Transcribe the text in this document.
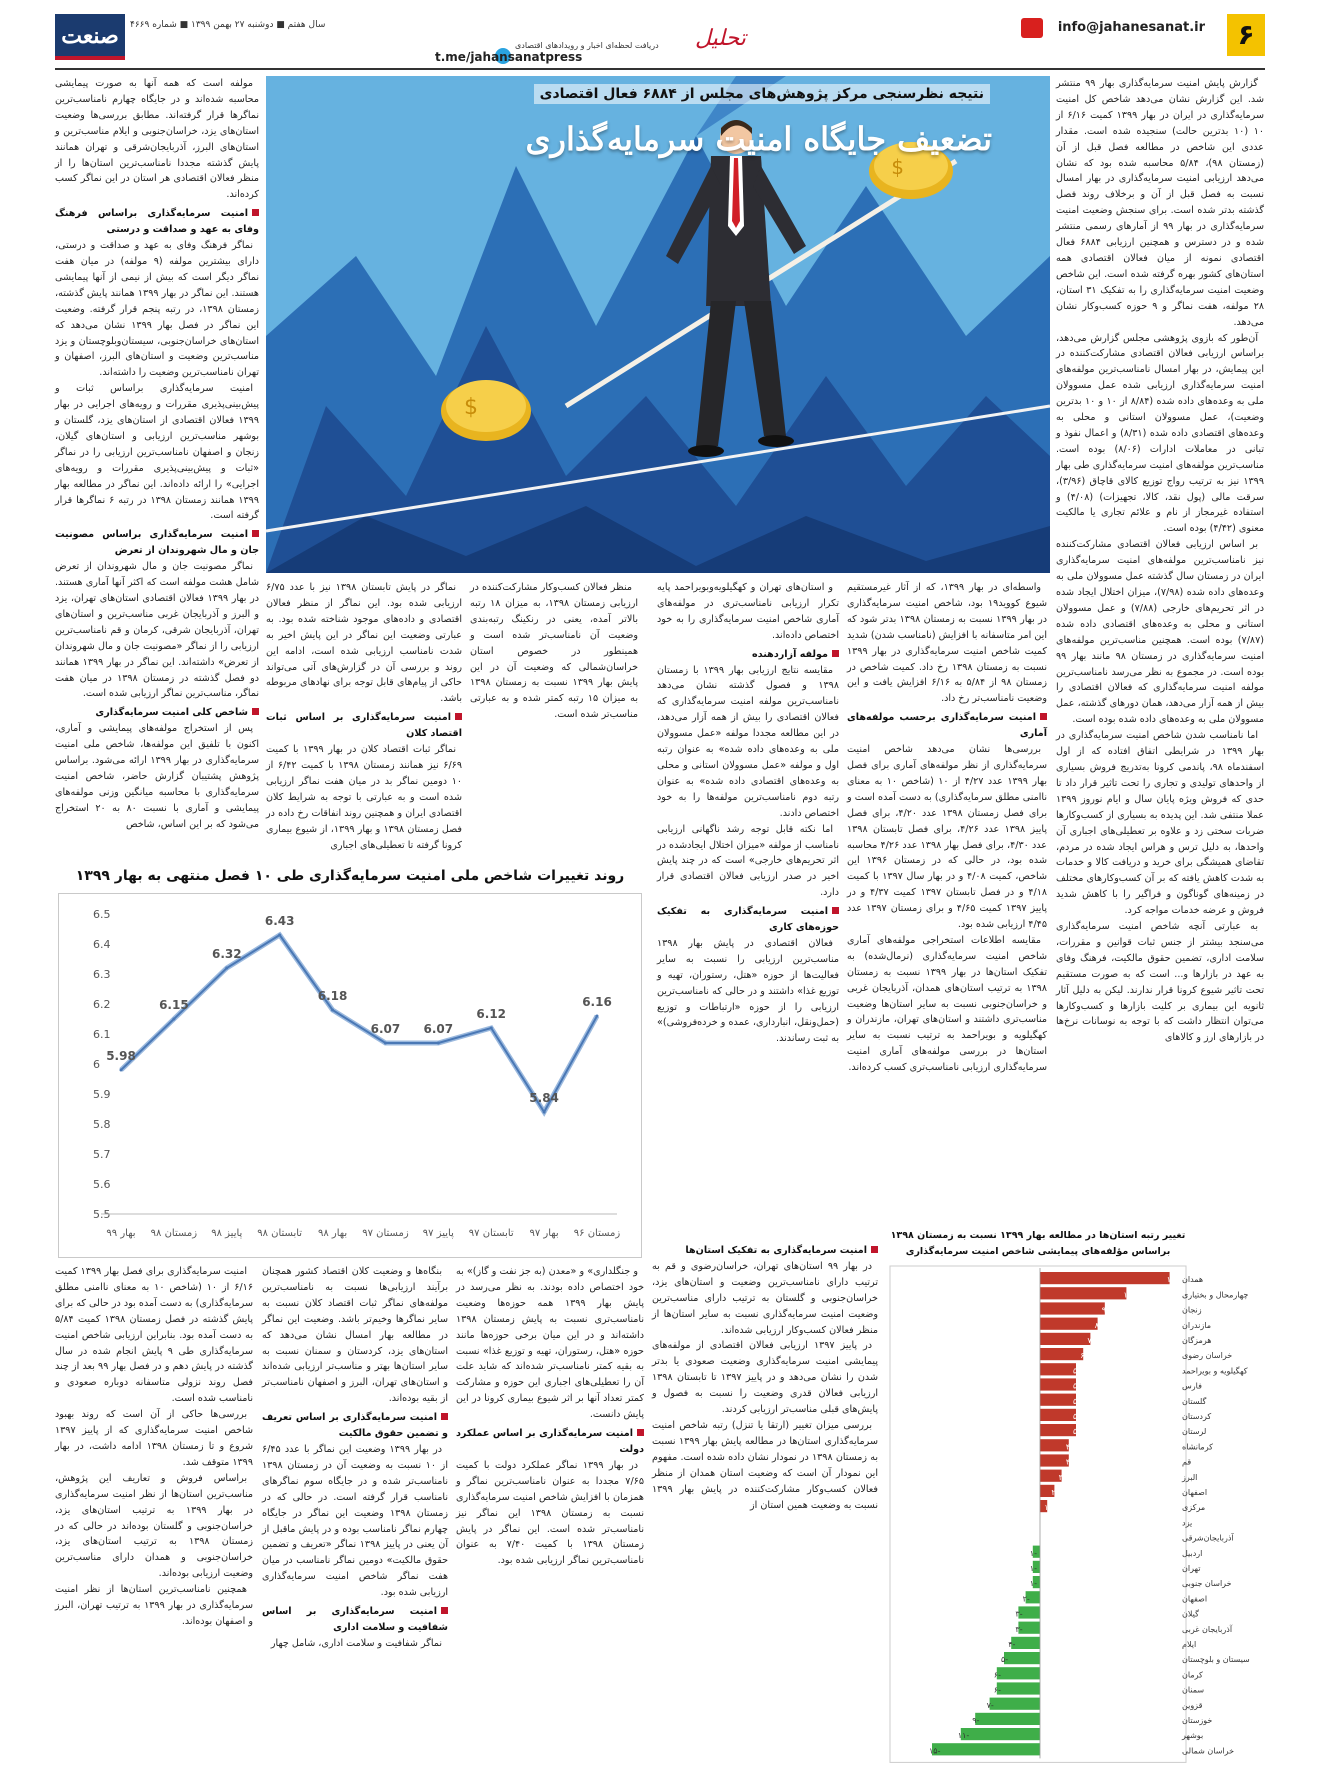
۶
info@jahanesanat.ir
تحلیل
دریافت لحظه‌ای اخبار و رویدادهای اقتصادی
t.me/jahansanatpress
سال هفتم ■ دوشنبه ۲۷ بهمن ۱۳۹۹ ■ شماره ۴۶۶۹
صنعت
$
$
نتیجه نظرسنجی مرکز پژوهش‌های مجلس از ۶۸۸۴ فعال اقتصادی
تضعیف جایگاه امنیت سرمایه‌گذاری

گزارش پایش امنیت سرمایه‌گذاری بهار ۹۹ منتشر شد. این گزارش نشان می‌دهد شاخص کل امنیت سرمایه‌گذاری در ایران در بهار ۱۳۹۹ کمیت ۶/۱۶ از ۱۰ (۱۰ بدترین حالت) سنجیده شده است. مقدار عددی این شاخص در مطالعه فصل قبل از آن (زمستان ۹۸)، ۵/۸۴ محاسبه شده بود که نشان می‌دهد ارزیابی امنیت سرمایه‌گذاری در بهار امسال نسبت به فصل قبل از آن و برخلاف روند فصل گذشته بدتر شده است. برای سنجش وضعیت امنیت سرمایه‌گذاری در بهار ۹۹ از آمارهای رسمی منتشر شده و در دسترس و همچنین ارزیابی ۶۸۸۴ فعال اقتصادی نمونه از میان فعالان اقتصادی همه استان‌های کشور بهره گرفته شده است. این شاخص وضعیت امنیت سرمایه‌گذاری را به تفکیک ۳۱ استان، ۲۸ مولفه، هفت نماگر و ۹ حوزه کسب‌وکار نشان می‌دهد.

آن‌طور که بازوی پژوهشی مجلس گزارش می‌دهد، براساس ارزیابی فعالان اقتصادی مشارکت‌کننده در این پیمایش، در بهار امسال نامناسب‌ترین مولفه‌های امنیت سرمایه‌گذاری ارزیابی شده عمل مسوولان ملی به وعده‌های داده شده (۸/۸۴ از ۱۰ و ۱۰ بدترین وضعیت)، عمل مسوولان استانی و محلی به وعده‌های اقتصادی داده شده (۸/۳۱) و اعمال نفوذ و تبانی در معاملات ادارات (۸/۰۶) بوده است. مناسب‌ترین مولفه‌های امنیت سرمایه‌گذاری طی بهار ۱۳۹۹ نیز به ترتیب رواج توزیع کالای قاچاق (۳/۹۶)، سرقت مالی (پول نقد، کالا، تجهیزات) (۴/۰۸) و استفاده غیرمجاز از نام و علائم تجاری یا مالکیت معنوی (۴/۴۲) بوده است.

بر اساس ارزیابی فعالان اقتصادی مشارکت‌کننده نیز نامناسب‌ترین مولفه‌های امنیت سرمایه‌گذاری ایران در زمستان سال گذشته عمل مسوولان ملی به وعده‌های داده شده (۷/۹۸)، میزان اختلال ایجاد شده در اثر تحریم‌های خارجی (۷/۸۸) و عمل مسوولان استانی و محلی به وعده‌های اقتصادی داده شده (۷/۸۷) بوده است. همچنین مناسب‌ترین مولفه‌های امنیت سرمایه‌گذاری در زمستان ۹۸ مانند بهار ۹۹ بوده است. در مجموع به نظر می‌رسد نامناسب‌ترین مولفه امنیت سرمایه‌گذاری که فعالان اقتصادی را بیش از همه آزار می‌دهد، همان دورهای گذشته، عمل مسوولان ملی به وعده‌های داده شده بوده است.

اما نامناسب شدن شاخص امنیت سرمایه‌گذاری در بهار ۱۳۹۹ در شرایطی اتفاق افتاده که از اول اسفندماه ۹۸، پاندمی کرونا به‌تدریج فروش بسیاری از واحدهای تولیدی و تجاری را تحت تاثیر قرار داد تا حدی که فروش ویژه پایان سال و ایام نوروز ۱۳۹۹ عملا منتفی شد. این پدیده به بسیاری از کسب‌وکارها ضربات سختی زد و علاوه بر تعطیلی‌های اجباری آن واحدها، به دلیل ترس و هراس ایجاد شده در مردم، تقاضای همیشگی برای خرید و دریافت کالا و خدمات به شدت کاهش یافته که بر آن کسب‌وکارهای مختلف در زمینه‌های گوناگون و فراگیر را با کاهش شدید فروش و عرضه خدمات مواجه کرد.

به عبارتی آنچه شاخص امنیت سرمایه‌گذاری می‌سنجد بیشتر از جنس ثبات قوانین و مقررات، سلامت اداری، تضمین حقوق مالکیت، فرهنگ وفای به عهد در بازارها و... است که به صورت مستقیم تحت تاثیر شیوع کرونا قرار ندارند. لیکن به دلیل آثار ثانویه این بیماری بر کلیت بازارها و کسب‌وکارها می‌توان انتظار داشت که با توجه به نوسانات نرخ‌ها در بازارهای ارز و کالاهای

واسطه‌ای در بهار ۱۳۹۹، که از آثار غیرمستقیم شیوع کووید۱۹ بود، شاخص امنیت سرمایه‌گذاری در بهار ۱۳۹۹ نسبت به زمستان ۱۳۹۸ بدتر شود که این امر متاسفانه با افزایش (نامناسب شدن) شدید کمیت شاخص امنیت سرمایه‌گذاری در بهار ۱۳۹۹ نسبت به زمستان ۱۳۹۸ رخ داد. کمیت شاخص در زمستان ۹۸ از ۵/۸۴ به ۶/۱۶ افزایش یافت و این وضعیت نامناسب‌تر رخ داد.

امنیت سرمایه‌گذاری برحسب مولفه‌های آماری

بررسی‌ها نشان می‌دهد شاخص امنیت سرمایه‌گذاری از نظر مولفه‌های آماری برای فصل بهار ۱۳۹۹ عدد ۴/۲۷ از ۱۰ (شاخص ۱۰ به معنای ناامنی مطلق سرمایه‌گذاری) به دست آمده است و برای فصل زمستان ۱۳۹۸ عدد ۴/۲۰، برای فصل پاییز ۱۳۹۸ عدد ۴/۲۶، برای فصل تابستان ۱۳۹۸ عدد ۴/۳۰، برای فصل بهار ۱۳۹۸ عدد ۴/۲۶ محاسبه شده بود، در حالی که در زمستان ۱۳۹۶ این شاخص، کمیت ۴/۰۸ و در بهار سال ۱۳۹۷ با کمیت ۴/۱۸ و در فصل تابستان ۱۳۹۷ کمیت ۴/۳۷ و در پاییز ۱۳۹۷ کمیت ۴/۶۵ و برای زمستان ۱۳۹۷ عدد ۴/۴۵ ارزیابی شده بود.

مقایسه اطلاعات استخراجی مولفه‌های آماری شاخص امنیت سرمایه‌گذاری (نرمال‌شده) به تفکیک استان‌ها در بهار ۱۳۹۹ نسبت به زمستان ۱۳۹۸ به ترتیب استان‌های همدان، آذربایجان غربی و خراسان‌جنوبی نسبت به سایر استان‌ها وضعیت مناسب‌تری داشتند و استان‌های تهران، مازندران و کهگیلویه و بویراحمد به ترتیب نسبت به سایر استان‌ها در بررسی مولفه‌های آماری امنیت سرمایه‌گذاری ارزیابی نامناسب‌تری کسب کرده‌اند.

و استان‌های تهران و کهگیلویه‌وبویراحمد پایه تکرار ارزیابی نامناسب‌تری در مولفه‌های آماری شاخص امنیت سرمایه‌گذاری را به خود اختصاص داده‌اند.

مولفه آزاردهنده

مقایسه نتایج ارزیابی بهار ۱۳۹۹ با زمستان ۱۳۹۸ و فصول گذشته نشان می‌دهد نامناسب‌ترین مولفه امنیت سرمایه‌گذاری که فعالان اقتصادی را بیش از همه آزار می‌دهد، در این مطالعه مجددا مولفه «عمل مسوولان ملی به وعده‌های داده شده» به عنوان رتبه اول و مولفه «عمل مسوولان استانی و محلی به وعده‌های اقتصادی داده شده» به عنوان رتبه دوم نامناسب‌ترین مولفه‌ها را به خود اختصاص دادند.

اما نکته قابل توجه رشد ناگهانی ارزیابی نامناسب از مولفه «میزان اختلال ایجادشده در اثر تحریم‌های خارجی» است که در چند پایش اخیر در صدر ارزیابی فعالان اقتصادی قرار دارد.

امنیت سرمایه‌گذاری به تفکیک حوزه‌های کاری

فعالان اقتصادی در پایش بهار ۱۳۹۸ مناسب‌ترین ارزیابی را نسبت به سایر فعالیت‌ها از حوزه «هتل، رستوران، تهیه و توزیع غذا» داشتند و در حالی که نامناسب‌ترین ارزیابی را از حوزه «ارتباطات و توزیع (حمل‌ونقل، انبارداری، عمده و خرده‌فروشی)» به ثبت رساندند.

منظر فعالان کسب‌وکار مشارکت‌کننده در ارزیابی زمستان ۱۳۹۸، به میزان ۱۸ رتبه بالاتر آمده، یعنی در رنکینگ رتبه‌بندی وضعیت آن نامناسب‌تر شده است و همینطور در خصوص استان خراسان‌شمالی که وضعیت آن در این پایش بهار ۱۳۹۹ نسبت به زمستان ۱۳۹۸ به میزان ۱۵ رتبه کمتر شده و به عبارتی مناسب‌تر شده است.

نماگر در پایش تابستان ۱۳۹۸ نیز با عدد ۶/۷۵ ارزیابی شده بود. این نماگر از منظر فعالان اقتصادی و داده‌های موجود شناخته شده بود. به عبارتی وضعیت این نماگر در این پایش اخیر به شدت نامناسب ارزیابی شده است، ادامه این روند و بررسی آن در گزارش‌های آتی می‌تواند حاکی از پیام‌های قابل توجه برای نهادهای مربوطه باشد.

امنیت سرمایه‌گذاری بر اساس ثبات اقتصاد کلان

نماگر ثبات اقتصاد کلان در بهار ۱۳۹۹ با کمیت ۶/۶۹ نیز همانند زمستان ۱۳۹۸ با کمیت ۶/۴۲ از ۱۰ دومین نماگر بد در میان هفت نماگر ارزیابی شده است و به عبارتی با توجه به شرایط کلان اقتصادی ایران و همچنین روند انفاقات رخ داده در فصل زمستان ۱۳۹۸ و بهار ۱۳۹۹، از شیوع بیماری کرونا گرفته تا تعطیلی‌های اجباری

مولفه است که همه آنها به صورت پیمایشی محاسبه شده‌اند و در جایگاه چهارم نامناسب‌ترین نماگرها قرار گرفته‌اند. مطابق بررسی‌ها وضعیت استان‌های یزد، خراسان‌جنوبی و ایلام مناسب‌ترین و استان‌های البرز، آذربایجان‌شرقی و تهران همانند پایش گذشته مجددا نامناسب‌ترین استان‌ها را از منظر فعالان اقتصادی هر استان در این نماگر کسب کرده‌اند.

امنیت سرمایه‌گذاری براساس فرهنگ وفای به عهد و صداقت و درستی

نماگر فرهنگ وفای به عهد و صداقت و درستی، دارای بیشترین مولفه (۹ مولفه) در میان هفت نماگر دیگر است که بیش از نیمی از آنها پیمایشی هستند. این نماگر در بهار ۱۳۹۹ همانند پایش گذشته، زمستان ۱۳۹۸، در رتبه پنجم قرار گرفته. وضعیت این نماگر در فصل بهار ۱۳۹۹ نشان می‌دهد که استان‌های خراسان‌جنوبی، سیستان‌وبلوچستان و یزد مناسب‌ترین وضعیت و استان‌های البرز، اصفهان و تهران نامناسب‌ترین وضعیت را داشته‌اند.

امنیت سرمایه‌گذاری براساس ثبات و پیش‌بینی‌پذیری مقررات و رویه‌های اجرایی در بهار ۱۳۹۹ فعالان اقتصادی از استان‌های یزد، گلستان و بوشهر مناسب‌ترین ارزیابی و استان‌های گیلان، زنجان و اصفهان نامناسب‌ترین ارزیابی را در نماگر «ثبات و پیش‌بینی‌پذیری مقررات و رویه‌های اجرایی» را ارائه داده‌اند. این نماگر در مطالعه بهار ۱۳۹۹ همانند زمستان ۱۳۹۸ در رتبه ۶ نماگرها قرار گرفته است.

امنیت سرمایه‌گذاری براساس مصونیت جان و مال شهروندان از تعرض

نماگر مصونیت جان و مال شهروندان از تعرض شامل هشت مولفه است که اکثر آنها آماری هستند. در بهار ۱۳۹۹ فعالان اقتصادی استان‌های تهران، یزد و البرز و آذربایجان غربی مناسب‌ترین و استان‌های تهران، آذربایجان شرقی، کرمان و قم نامناسب‌ترین ارزیابی را از نماگر «مصونیت جان و مال شهروندان از تعرض» داشته‌اند. این نماگر در بهار ۱۳۹۹ همانند دو فصل گذشته در زمستان ۱۳۹۸ در میان هفت نماگر، مناسب‌ترین نماگر ارزیابی شده است.

شاخص کلی امنیت سرمایه‌گذاری

پس از استخراج مولفه‌های پیمایشی و آماری، اکنون با تلفیق این مولفه‌ها، شاخص ملی امنیت سرمایه‌گذاری در بهار ۱۳۹۹ ارائه می‌شود. براساس پژوهش پشتیبان گزارش حاضر، شاخص امنیت سرمایه‌گذاری با محاسبه میانگین وزنی مولفه‌های پیمایشی و آماری با نسبت ۸۰ به ۲۰ استخراج می‌شود که بر این اساس، شاخص

روند تغییرات شاخص ملی امنیت سرمایه‌گذاری طی ۱۰ فصل منتهی به بهار ۱۳۹۹
5.5
5.6
5.7
5.8
5.9
6
6.1
6.2
6.3
6.4
6.5
5.98
6.15
6.32
6.43
6.18
6.07 6.07
6.12
5.84
6.16
زمستان ۹۶
بهار ۹۷
تابستان ۹۷
پاییز ۹۷
زمستان ۹۷
بهار ۹۸
تابستان ۹۸
پاییز ۹۸
زمستان ۹۸
بهار ۹۹

امنیت سرمایه‌گذاری برای فصل بهار ۱۳۹۹ کمیت ۶/۱۶ از ۱۰ (شاخص ۱۰ به معنای ناامنی مطلق سرمایه‌گذاری) به دست آمده بود در حالی که برای پایش گذشته در فصل زمستان ۱۳۹۸ کمیت ۵/۸۴ به دست آمده بود. بنابراین ارزیابی شاخص امنیت سرمایه‌گذاری طی ۹ پایش انجام شده در سال گذشته در پایش دهم و در فصل بهار ۹۹ بعد از چند فصل روند نزولی متاسفانه دوباره صعودی و نامناسب شده است.

بررسی‌ها حاکی از آن است که روند بهبود شاخص امنیت سرمایه‌گذاری که از پاییز ۱۳۹۷ شروع و تا زمستان ۱۳۹۸ ادامه داشت، در بهار ۱۳۹۹ متوقف شد.

براساس فروش و تعاریف این پژوهش، مناسب‌ترین استان‌ها از نظر امنیت سرمایه‌گذاری در بهار ۱۳۹۹ به ترتیب استان‌های یزد، خراسان‌جنوبی و گلستان بوده‌اند در حالی که در زمستان ۱۳۹۸ به ترتیب استان‌های یزد، خراسان‌جنوبی و همدان دارای مناسب‌ترین وضعیت ارزیابی بوده‌اند.

همچنین نامناسب‌ترین استان‌ها از نظر امنیت سرمایه‌گذاری در بهار ۱۳۹۹ به ترتیب تهران، البرز و اصفهان بوده‌اند.

بنگاه‌ها و وضعیت کلان اقتصاد کشور همچنان برآیند ارزیابی‌ها نسبت به نامناسب‌ترین مولفه‌های نماگر ثبات اقتصاد کلان نسبت به سایر نماگرها وخیم‌تر باشد. وضعیت این نماگر در مطالعه بهار امسال نشان می‌دهد که استان‌های یزد، کردستان و سمنان نسبت به سایر استان‌ها بهتر و مناسب‌تر ارزیابی شده‌اند و استان‌های تهران، البرز و اصفهان نامناسب‌تر از بقیه بوده‌اند.

امنیت سرمایه‌گذاری بر اساس تعریف و تضمین حقوق مالکیت

در بهار ۱۳۹۹ وضعیت این نماگر با عدد ۶/۴۵ از ۱۰ نسبت به وضعیت آن در زمستان ۱۳۹۸ نامناسب‌تر شده و در جایگاه سوم نماگرهای نامناسب قرار گرفته است. در حالی که در زمستان ۱۳۹۸ وضعیت این نماگر در جایگاه چهارم نماگر نامناسب بوده و در پایش ماقبل از آن یعنی در پاییز ۱۳۹۸ نماگر «تعریف و تضمین حقوق مالکیت» دومین نماگر نامناسب در میان هفت نماگر شاخص امنیت سرمایه‌گذاری ارزیابی شده بود.

امنیت سرمایه‌گذاری بر اساس شفافیت و سلامت اداری

نماگر شفافیت و سلامت اداری، شامل چهار

و جنگلداری» و «معدن (به جز نفت و گاز)» به خود اختصاص داده بودند. به نظر می‌رسد در پایش بهار ۱۳۹۹ همه حوزه‌ها وضعیت نامناسب‌تری نسبت به پایش زمستان ۱۳۹۸ داشته‌اند و در این میان برخی حوزه‌ها مانند حوزه «هتل، رستوران، تهیه و توزیع غذا» نسبت به بقیه کمتر نامناسب‌تر شده‌اند که شاید علت آن را تعطیلی‌های اجباری این حوزه و مشارکت کمتر تعداد آنها بر اثر شیوع بیماری کرونا در این پایش دانست.

امنیت سرمایه‌گذاری بر اساس عملکرد دولت

در بهار ۱۳۹۹ نماگر عملکرد دولت با کمیت ۷/۶۵ مجددا به عنوان نامناسب‌ترین نماگر و همزمان با افزایش شاخص امنیت سرمایه‌گذاری نسبت به زمستان ۱۳۹۸ این نماگر نیز نامناسب‌تر شده است. این نماگر در پایش زمستان ۱۳۹۸ با کمیت ۷/۴۰ به عنوان نامناسب‌ترین نماگر ارزیابی شده بود.

امنیت سرمایه‌گذاری به تفکیک استان‌ها

در بهار ۹۹ استان‌های تهران، خراسان‌رضوی و قم به ترتیب دارای نامناسب‌ترین وضعیت و استان‌های یزد، خراسان‌جنوبی و گلستان به ترتیب دارای مناسب‌ترین وضعیت امنیت سرمایه‌گذاری نسبت به سایر استان‌ها از منظر فعالان کسب‌وکار ارزیابی شده‌اند.

در پاییز ۱۳۹۷ ارزیابی فعالان اقتصادی از مولفه‌های پیمایشی امنیت سرمایه‌گذاری وضعیت صعودی یا بدتر شدن را نشان می‌دهد و در پاییز ۱۳۹۷ تا تابستان ۱۳۹۸ ارزیابی فعالان قدری وضعیت را نسبت به فصول و پایش‌های قبلی مناسب‌تر ارزیابی کردند.

بررسی میزان تغییر (ارتقا یا تنزل) رتبه شاخص امنیت سرمایه‌گذاری استان‌ها در مطالعه پایش بهار ۱۳۹۹ نسبت به زمستان ۱۳۹۸ در نمودار نشان داده شده است. مفهوم این نمودار آن است که وضعیت استان همدان از منظر فعالان کسب‌وکار مشارکت‌کننده در پایش بهار ۱۳۹۹ نسبت به وضعیت همین استان از

تغییر رتبه استان‌ها در مطالعه بهار ۱۳۹۹ نسبت به زمستان ۱۳۹۸
براساس مؤلفه‌های پیمایشی شاخص امنیت سرمایه‌گذاری
۱۸ همدان
۱۲	چهارمحال و بختیاری
۹	زنجان
۸	مازندران
۷	هرمزگان
۶	خراسان رضوی
۵	کهگیلویه و بویراحمد
۵	فارس
۵	گلستان
۵	کردستان
۵	لرستان
۴	کرمانشاه
۴	قم
۳	البرز
۲	اصفهان
۱	مرکزی
یزد
آذربایجان‌شرقی
-۱	اردبیل
-۱	تهران
-۱	خراسان جنوبی
-۲	اصفهان
-۳	گیلان
-۳	آذربایجان غربی
-۴	ایلام
-۵	سیستان و بلوچستان
-۶	کرمان
-۶	سمنان
-۷	قزوین
-۹	خوزستان
-۱۱	بوشهر
-۱۵	خراسان شمالی
